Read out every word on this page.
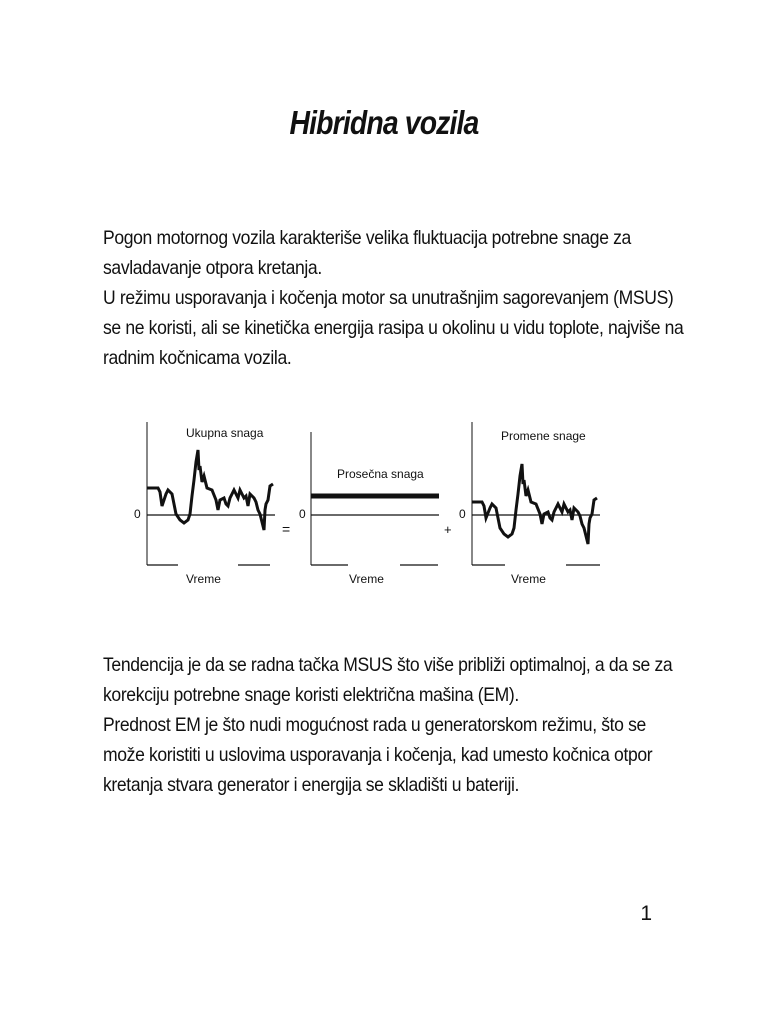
Hibridna vozila
Pogon motornog vozila karakteriše velika fluktuacija potrebne snage za
savladavanje otpora kretanja.
U režimu usporavanja i kočenja motor sa unutrašnjim sagorevanjem (MSUS)
se ne koristi, ali se kinetička energija rasipa u okolinu u vidu toplote, najviše na
radnim kočnicama vozila.
Ukupna snaga
0
Vreme
=
Prosečna snaga
0
Vreme
+
Promene snage
0
Vreme
Tendencija je da se radna tačka MSUS što više približi optimalnoj, a da se za
korekciju potrebne snage koristi električna mašina (EM).
Prednost EM je što nudi mogućnost rada u generatorskom režimu, što se
može koristiti u uslovima usporavanja i kočenja, kad umesto kočnica otpor
kretanja stvara generator i energija se skladišti u bateriji.
1
